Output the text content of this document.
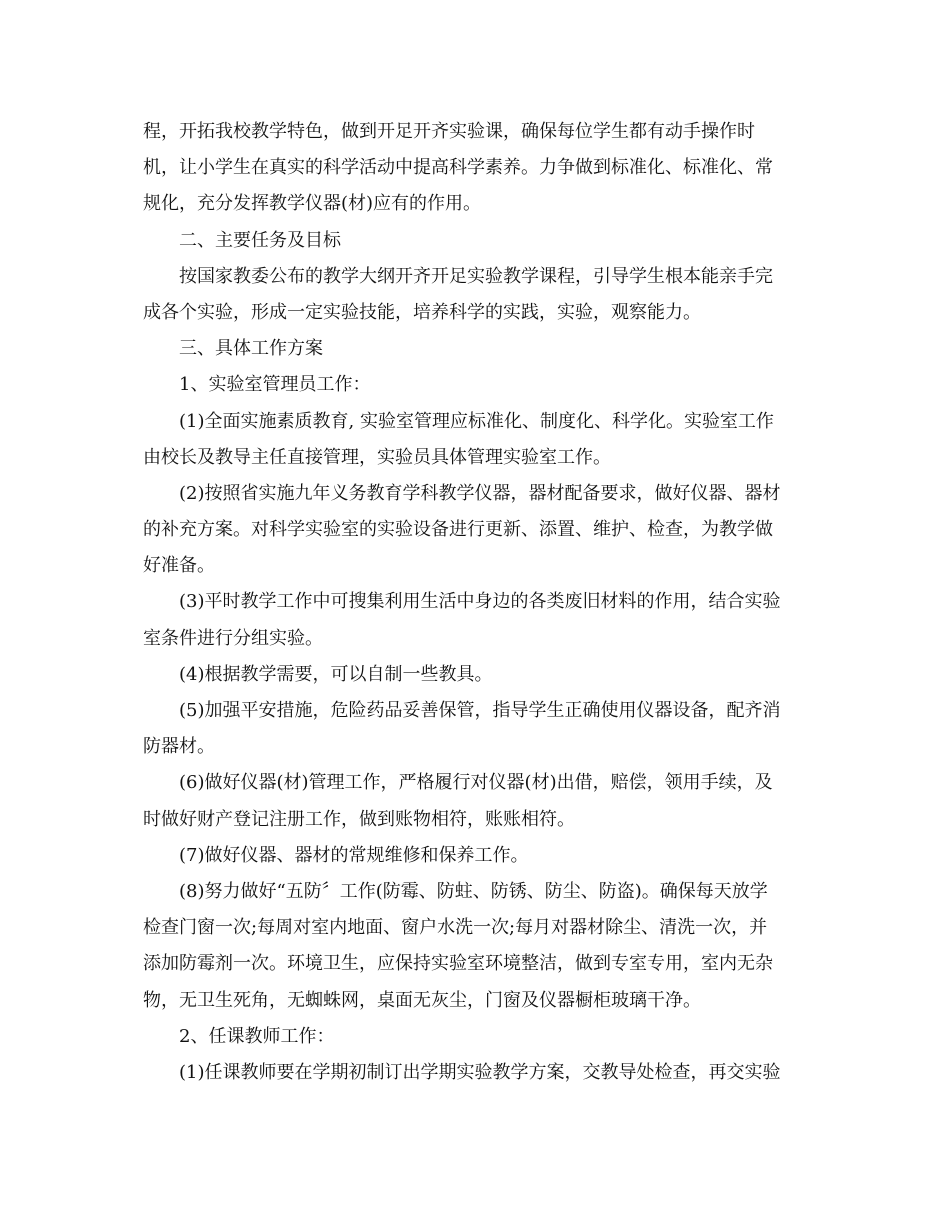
程，开拓我校教学特色，做到开足开齐实验课，确保每位学生都有动手操作时
机，让小学生在真实的科学活动中提高科学素养。力争做到标准化、标准化、常
规化，充分发挥教学仪器(材)应有的作用。
二、主要任务及目标
按国家教委公布的教学大纲开齐开足实验教学课程，引导学生根本能亲手完
成各个实验，形成一定实验技能，培养科学的实践，实验，观察能力。
三、具体工作方案
1、实验室管理员工作：
(1)全面实施素质教育, 实验室管理应标准化、制度化、科学化。实验室工作
由校长及教导主任直接管理，实验员具体管理实验室工作。
(2)按照省实施九年义务教育学科教学仪器，器材配备要求，做好仪器、器材
的补充方案。对科学实验室的实验设备进行更新、添置、维护、检查，为教学做
好准备。
(3)平时教学工作中可搜集利用生活中身边的各类废旧材料的作用，结合实验
室条件进行分组实验。
(4)根据教学需要，可以自制一些教具。
(5)加强平安措施，危险药品妥善保管，指导学生正确使用仪器设备，配齐消
防器材。
(6)做好仪器(材)管理工作，严格履行对仪器(材)出借，赔偿，领用手续，及
时做好财产登记注册工作，做到账物相符，账账相符。
(7)做好仪器、器材的常规维修和保养工作。
(8)努力做好“五防〞工作(防霉、防蛀、防锈、防尘、防盗)。确保每天放学
检查门窗一次;每周对室内地面、窗户水洗一次;每月对器材除尘、清洗一次，并
添加防霉剂一次。环境卫生，应保持实验室环境整洁，做到专室专用，室内无杂
物，无卫生死角，无蜘蛛网，桌面无灰尘，门窗及仪器橱柜玻璃干净。
2、任课教师工作：
(1)任课教师要在学期初制订出学期实验教学方案，交教导处检查，再交实验
